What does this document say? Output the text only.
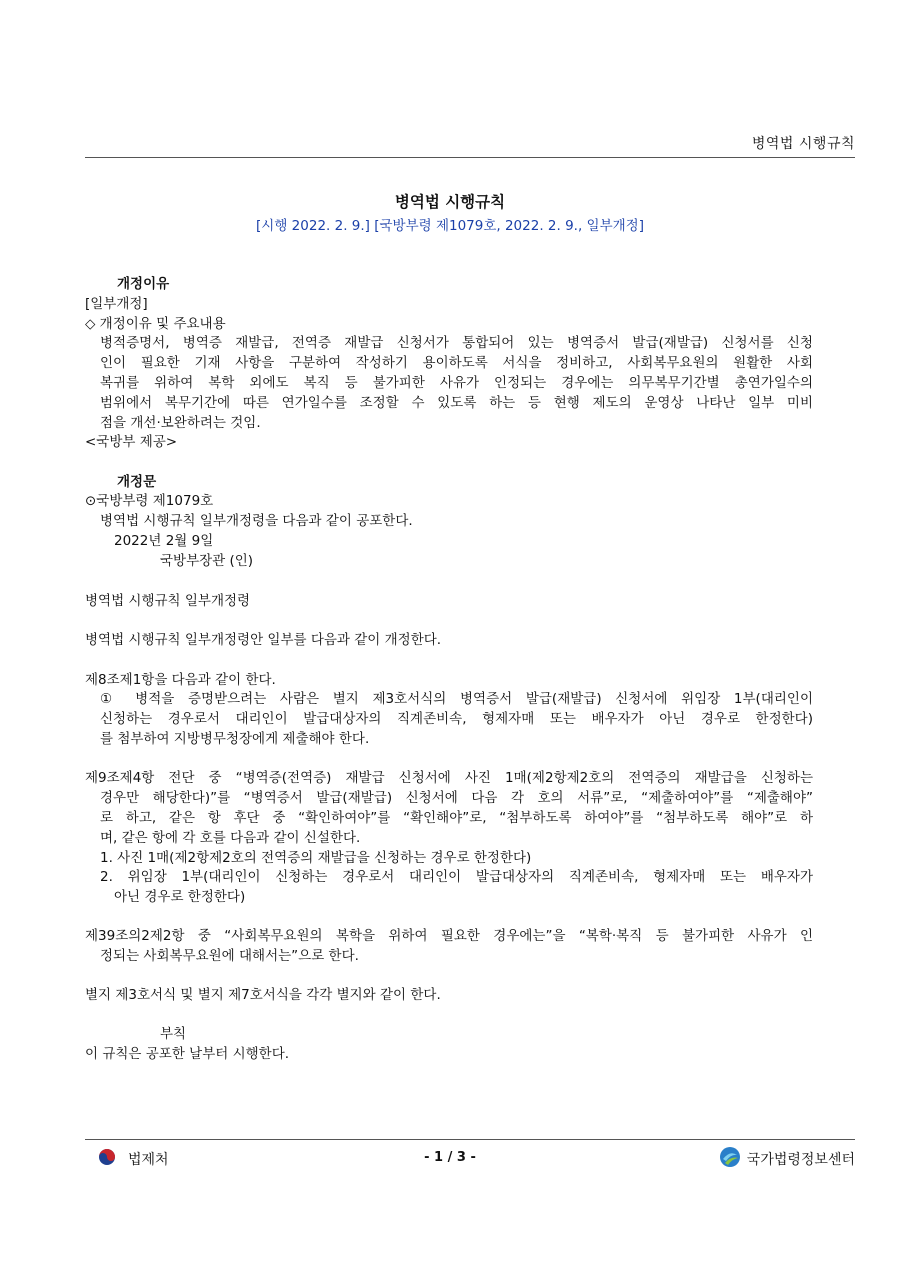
병역법 시행규칙
병역법 시행규칙
[시행 2022. 2. 9.] [국방부령 제1079호, 2022. 2. 9., 일부개정]
개정이유
[일부개정]
◇ 개정이유 및 주요내용
병적증명서, 병역증 재발급, 전역증 재발급 신청서가 통합되어 있는 병역증서 발급(재발급) 신청서를 신청
인이 필요한 기재 사항을 구분하여 작성하기 용이하도록 서식을 정비하고, 사회복무요원의 원활한 사회
복귀를 위하여 복학 외에도 복직 등 불가피한 사유가 인정되는 경우에는 의무복무기간별 총연가일수의
범위에서 복무기간에 따른 연가일수를 조정할 수 있도록 하는 등 현행 제도의 운영상 나타난 일부 미비
점을 개선·보완하려는 것임.
<국방부 제공>
개정문
⊙국방부령 제1079호
병역법 시행규칙 일부개정령을 다음과 같이 공포한다.
2022년 2월 9일
국방부장관 (인)
병역법 시행규칙 일부개정령
병역법 시행규칙 일부개정령안 일부를 다음과 같이 개정한다.
제8조제1항을 다음과 같이 한다.
① 병적을 증명받으려는 사람은 별지 제3호서식의 병역증서 발급(재발급) 신청서에 위임장 1부(대리인이
신청하는 경우로서 대리인이 발급대상자의 직계존비속, 형제자매 또는 배우자가 아닌 경우로 한정한다)
를 첨부하여 지방병무청장에게 제출해야 한다.
제9조제4항 전단 중 “병역증(전역증) 재발급 신청서에 사진 1매(제2항제2호의 전역증의 재발급을 신청하는
경우만 해당한다)”를 “병역증서 발급(재발급) 신청서에 다음 각 호의 서류”로, “제출하여야”를 “제출해야”
로 하고, 같은 항 후단 중 “확인하여야”를 “확인해야”로, “첨부하도록 하여야”를 “첨부하도록 해야”로 하
며, 같은 항에 각 호를 다음과 같이 신설한다.
1. 사진 1매(제2항제2호의 전역증의 재발급을 신청하는 경우로 한정한다)
2. 위임장 1부(대리인이 신청하는 경우로서 대리인이 발급대상자의 직계존비속, 형제자매 또는 배우자가
아닌 경우로 한정한다)
제39조의2제2항 중 “사회복무요원의 복학을 위하여 필요한 경우에는”을 “복학·복직 등 불가피한 사유가 인
정되는 사회복무요원에 대해서는”으로 한다.
별지 제3호서식 및 별지 제7호서식을 각각 별지와 같이 한다.
부칙
이 규칙은 공포한 날부터 시행한다.
법제처	- 1 / 3 -	국가법령정보센터
